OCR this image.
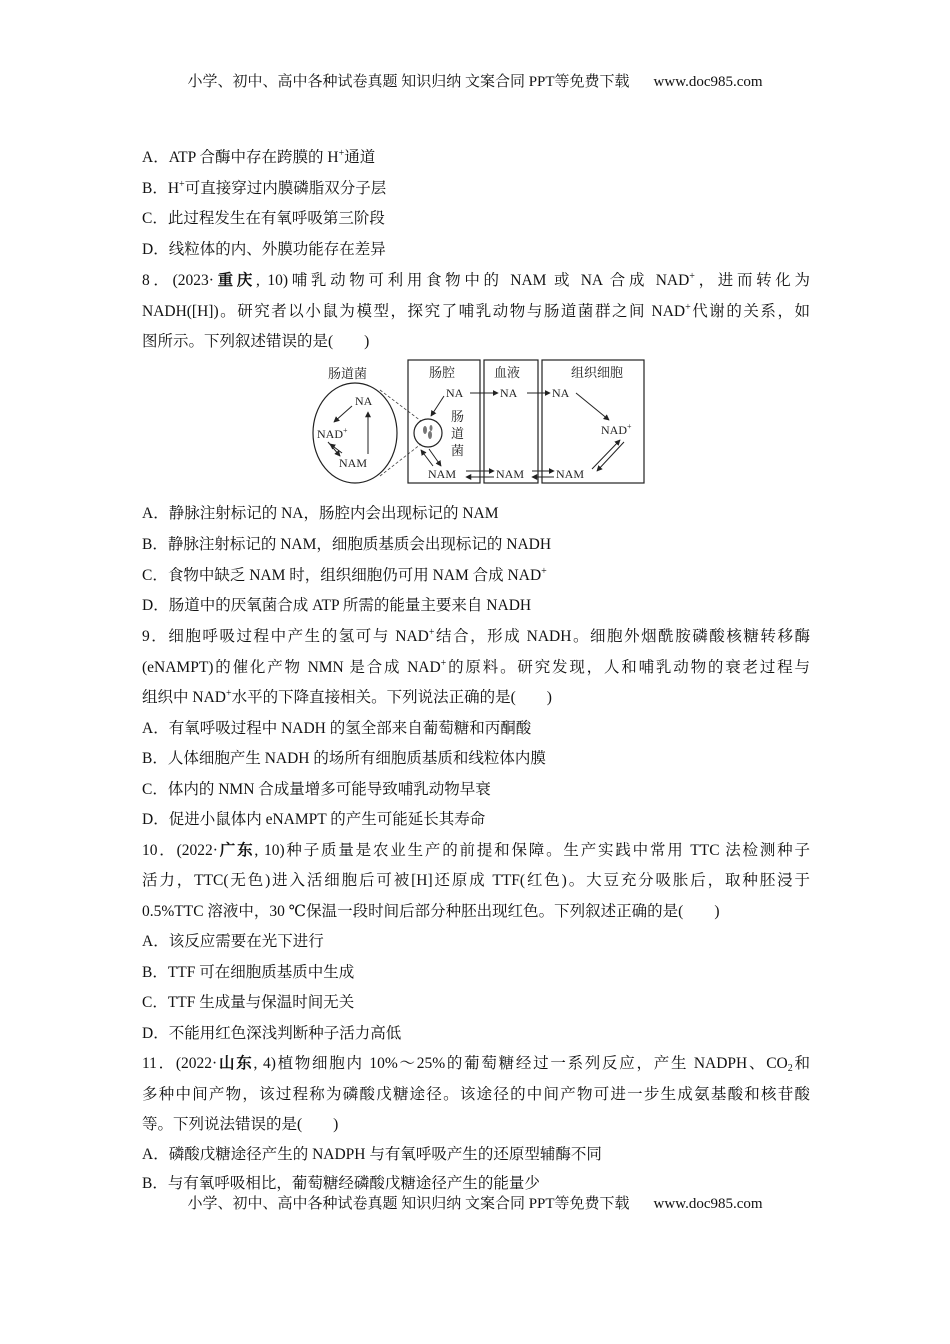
小学、初中、高中各种试卷真题 知识归纳 文案合同 PPT等免费下载 www.doc985.com
A．ATP 合酶中存在跨膜的 H+通道
B．H+可直接穿过内膜磷脂双分子层
C．此过程发生在有氧呼吸第三阶段
D．线粒体的内、外膜功能存在差异
8．(2023·重庆, 10)哺乳动物可利用食物中的 NAM 或 NA 合成 NAD+，进而转化为
NADH([H])。研究者以小鼠为模型，探究了哺乳动物与肠道菌群之间 NAD+代谢的关系，如
图所示。下列叙述错误的是(　　)
肠道菌
NA
NAD+
NAM
肠腔
NA
肠
道
菌
NAM
血液
NA
NAM
组织细胞
NA
NAD+
NAM
A．静脉注射标记的 NA，肠腔内会出现标记的 NAM
B．静脉注射标记的 NAM，细胞质基质会出现标记的 NADH
C．食物中缺乏 NAM 时，组织细胞仍可用 NAM 合成 NAD+
D．肠道中的厌氧菌合成 ATP 所需的能量主要来自 NADH
9．细胞呼吸过程中产生的氢可与 NAD+结合，形成 NADH。细胞外烟酰胺磷酸核糖转移酶
(eNAMPT)的催化产物 NMN 是合成 NAD+的原料。研究发现，人和哺乳动物的衰老过程与
组织中 NAD+水平的下降直接相关。下列说法正确的是(　　)
A．有氧呼吸过程中 NADH 的氢全部来自葡萄糖和丙酮酸
B．人体细胞产生 NADH 的场所有细胞质基质和线粒体内膜
C．体内的 NMN 合成量增多可能导致哺乳动物早衰
D．促进小鼠体内 eNAMPT 的产生可能延长其寿命
10．(2022·广东, 10)种子质量是农业生产的前提和保障。生产实践中常用 TTC 法检测种子
活力，TTC(无色)进入活细胞后可被[H]还原成 TTF(红色)。大豆充分吸胀后，取种胚浸于
0.5%TTC 溶液中，30 ℃保温一段时间后部分种胚出现红色。下列叙述正确的是(　　)
A．该反应需要在光下进行
B．TTF 可在细胞质基质中生成
C．TTF 生成量与保温时间无关
D．不能用红色深浅判断种子活力高低
11．(2022·山东, 4)植物细胞内 10%～25%的葡萄糖经过一系列反应，产生 NADPH、$CO_2$和
多种中间产物，该过程称为磷酸戊糖途径。该途径的中间产物可进一步生成氨基酸和核苷酸
等。下列说法错误的是(　　)
A．磷酸戊糖途径产生的 NADPH 与有氧呼吸产生的还原型辅酶不同
B．与有氧呼吸相比，葡萄糖经磷酸戊糖途径产生的能量少
小学、初中、高中各种试卷真题 知识归纳 文案合同 PPT等免费下载 www.doc985.com
